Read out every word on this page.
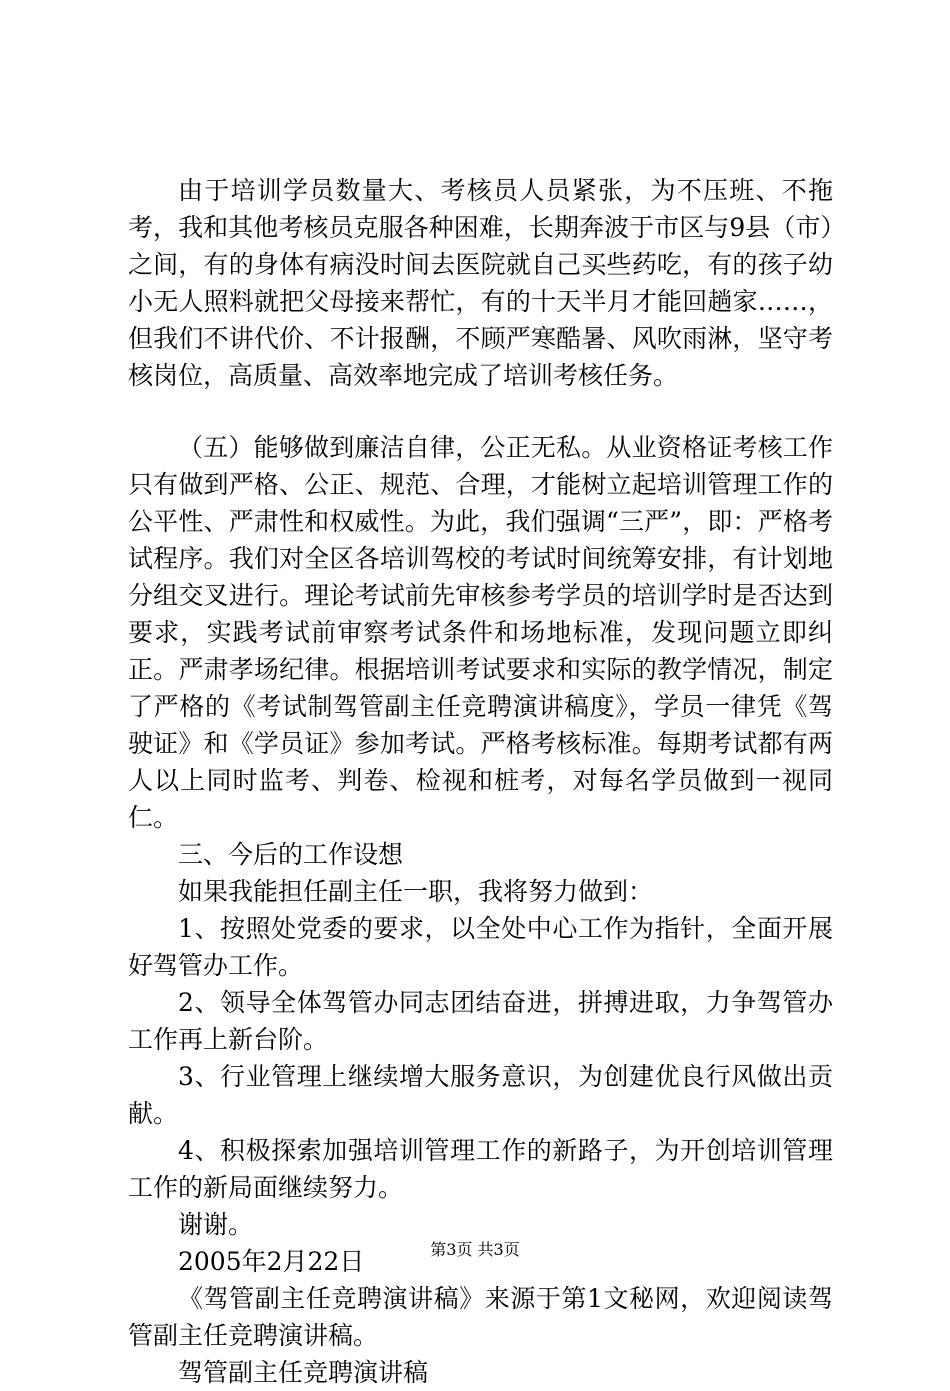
由于培训学员数量大、考核员人员紧张，为不压班、不拖考，我和其他考核员克服各种困难，长期奔波于市区与9县（市）之间，有的身体有病没时间去医院就自己买些药吃，有的孩子幼小无人照料就把父母接来帮忙，有的十天半月才能回趟家……，但我们不讲代价、不计报酬，不顾严寒酷暑、风吹雨淋，坚守考核岗位，高质量、高效率地完成了培训考核任务。

（五）能够做到廉洁自律，公正无私。从业资格证考核工作只有做到严格、公正、规范、合理，才能树立起培训管理工作的公平性、严肃性和权威性。为此，我们强调“三严”，即：严格考试程序。我们对全区各培训驾校的考试时间统筹安排，有计划地分组交叉进行。理论考试前先审核参考学员的培训学时是否达到要求，实践考试前审察考试条件和场地标准，发现问题立即纠正。严肃孝场纪律。根据培训考试要求和实际的教学情况，制定了严格的《考试制驾管副主任竞聘演讲稿度》，学员一律凭《驾驶证》和《学员证》参加考试。严格考核标准。每期考试都有两人以上同时监考、判卷、检视和桩考，对每名学员做到一视同仁。

三、今后的工作设想

如果我能担任副主任一职，我将努力做到：

1、按照处党委的要求，以全处中心工作为指针，全面开展好驾管办工作。

2、领导全体驾管办同志团结奋进，拼搏进取，力争驾管办工作再上新台阶。

3、行业管理上继续增大服务意识，为创建优良行风做出贡献。

4、积极探索加强培训管理工作的新路子，为开创培训管理工作的新局面继续努力。

谢谢。

2005年2月22日

《驾管副主任竞聘演讲稿》来源于第1文秘网，欢迎阅读驾管副主任竞聘演讲稿。

驾管副主任竞聘演讲稿

第3页 共3页
